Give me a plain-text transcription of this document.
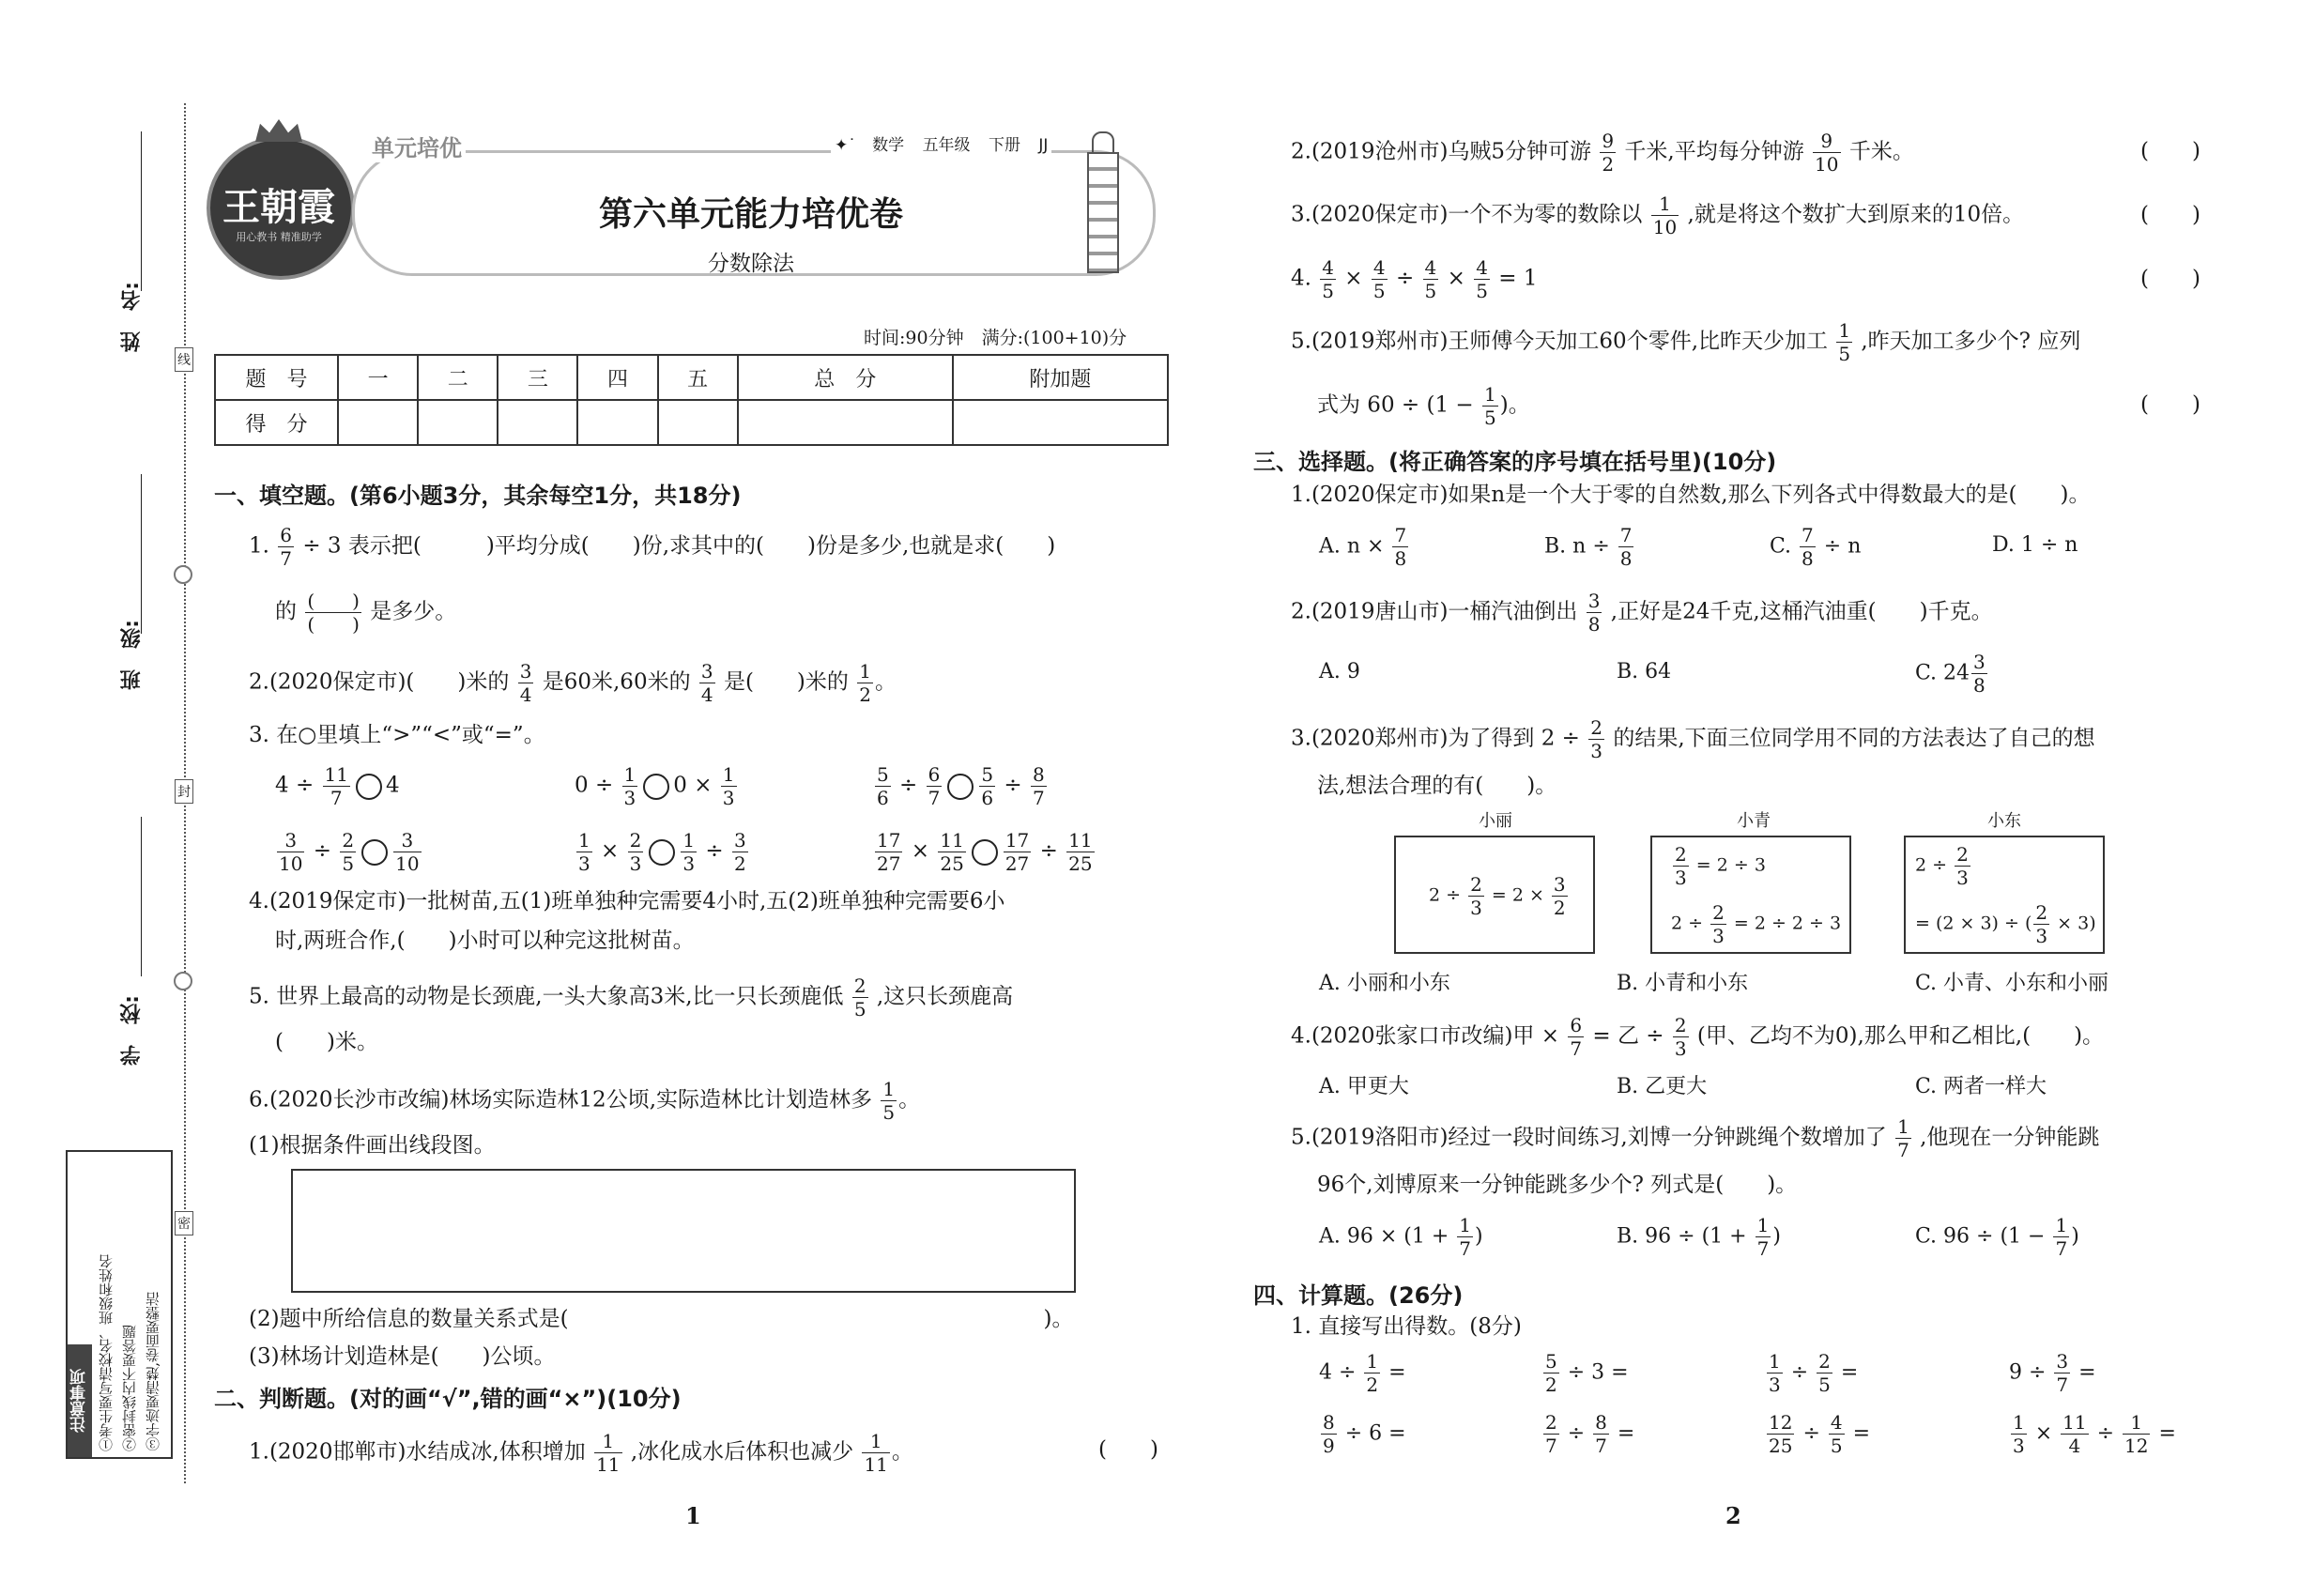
线
封
密
姓　名:
班　级:
学　校:
注意事项 ①考生要写清校名、班级和姓名 ②密封线内不要答题 ③字迹要清楚,卷面要整洁
王朝霞
用心教书 精准助学
单元培优	✦˙ 数学 五年级 下册 JJ
第六单元能力培优卷
分数除法
时间:90分钟　满分:(100+10)分
题　号	一	二	三	四	五	总　分	附加题
得　分							
一、填空题。(第6小题3分，其余每空1分，共18分)
1. $\frac{6}{7} \div 3$ 表示把(　　　)平均分成(　　)份,求其中的(　　)份是多少,也就是求(　　)
的 (　　)
(　　)
是多少。
2.(2020保定市)(　　)米的 $\frac{3}{4}$ 是60米,60米的 $\frac{3}{4}$ 是(　　)米的 $\frac{1}{2}$ 。
3. 在○里填上“>”“<”或“=”。
$4 \div \frac{11}{7} 4$	$0 \div \frac{1}{3} 0 \times \frac{1}{3}$	$\frac{5}{6} \div \frac{6}{7} \frac{5}{6} \div \frac{8}{7}$
$\frac{3}{10} \div \frac{2}{5} \frac{3}{10}$	$\frac{1}{3} \times \frac{2}{3} \frac{1}{3} \div \frac{3}{2}$	$\frac{17}{27} \times \frac{11}{25} \frac{17}{27} \div \frac{11}{25}$
4.(2019保定市)一批树苗,五(1)班单独种完需要4小时,五(2)班单独种完需要6小
时,两班合作,(　　)小时可以种完这批树苗。
5. 世界上最高的动物是长颈鹿,一头大象高3米,比一只长颈鹿低 $\frac{2}{5}$ ,这只长颈鹿高
(　　)米。
6.(2020长沙市改编)林场实际造林12公顷,实际造林比计划造林多 $\frac{1}{5}$ 。
(1)根据条件画出线段图。
(2)题中所给信息的数量关系式是(　　　　　　　　　　　　　　　　　　　　　　)。
(3)林场计划造林是(　　)公顷。
二、判断题。(对的画“√”,错的画“×”)(10分)
1.(2020邯郸市)水结成冰,体积增加 $\frac{1}{11}$ ,冰化成水后体积也减少 $\frac{1}{11}$ 。	(　　)
1
2.(2019沧州市)乌贼5分钟可游 $\frac{9}{2}$ 千米,平均每分钟游 $\frac{9}{10}$ 千米。	(　　)
3.(2020保定市)一个不为零的数除以 $\frac{1}{10}$ ,就是将这个数扩大到原来的10倍。	(　　)
4. $\frac{4}{5} \times \frac{4}{5} \div \frac{4}{5} \times \frac{4}{5} = 1$	(　　)
5.(2019郑州市)王师傅今天加工60个零件,比昨天少加工 $\frac{1}{5}$ ,昨天加工多少个? 应列
式为 $60 \div (1 - \frac{1}{5}$ )。	(　　)
三、选择题。(将正确答案的序号填在括号里)(10分)
1.(2020保定市)如果n是一个大于零的自然数,那么下列各式中得数最大的是(　　)。
A. $n \times \frac{7}{8}$	B. $n \div \frac{7}{8}$	C. $\frac{7}{8} \div n$	D. 1 ÷ n
2.(2019唐山市)一桶汽油倒出 $\frac{3}{8}$ ,正好是24千克,这桶汽油重(　　)千克。
A. 9	B. 64	C. $24 \frac{3}{8}$
3.(2020郑州市)为了得到 $2 \div \frac{2}{3}$ 的结果,下面三位同学用不同的方法表达了自己的想
法,想法合理的有(　　)。
小丽
$2 \div \frac{2}{3} = 2 \times \frac{3}{2}$
小青
$\frac{2}{3} = 2 \div 3$
$2 \div \frac{2}{3} = 2 \div 2 \div 3$
小东
$2 \div \frac{2}{3}$
= (2 × 3) ÷ ( $\frac{2}{3} \times 3$)
A. 小丽和小东	B. 小青和小东	C. 小青、小东和小丽
4.(2020张家口市改编)甲 × $\frac{6}{7}$ = 乙 ÷ $\frac{2}{3}$ (甲、乙均不为0),那么甲和乙相比,(　　)。
A. 甲更大	B. 乙更大	C. 两者一样大
5.(2019洛阳市)经过一段时间练习,刘博一分钟跳绳个数增加了 $\frac{1}{7}$ ,他现在一分钟能跳
96个,刘博原来一分钟能跳多少个? 列式是(　　)。
A. $96 \times (1 + \frac{1}{7}$ )	B. $96 \div (1 + \frac{1}{7}$ )	C. $96 \div (1 - \frac{1}{7}$ )
四、计算题。(26分)
1. 直接写出得数。(8分)
$4 \div \frac{1}{2}$ =	$\frac{5}{2} \div 3$ =	$\frac{1}{3} \div \frac{2}{5}$ =	$9 \div \frac{3}{7}$ =
$\frac{8}{9} \div 6$ =	$\frac{2}{7} \div \frac{8}{7}$ =	$\frac{12}{25} \div \frac{4}{5}$ =	$\frac{1}{3} \times \frac{11}{4} \div \frac{1}{12}$ =
2
